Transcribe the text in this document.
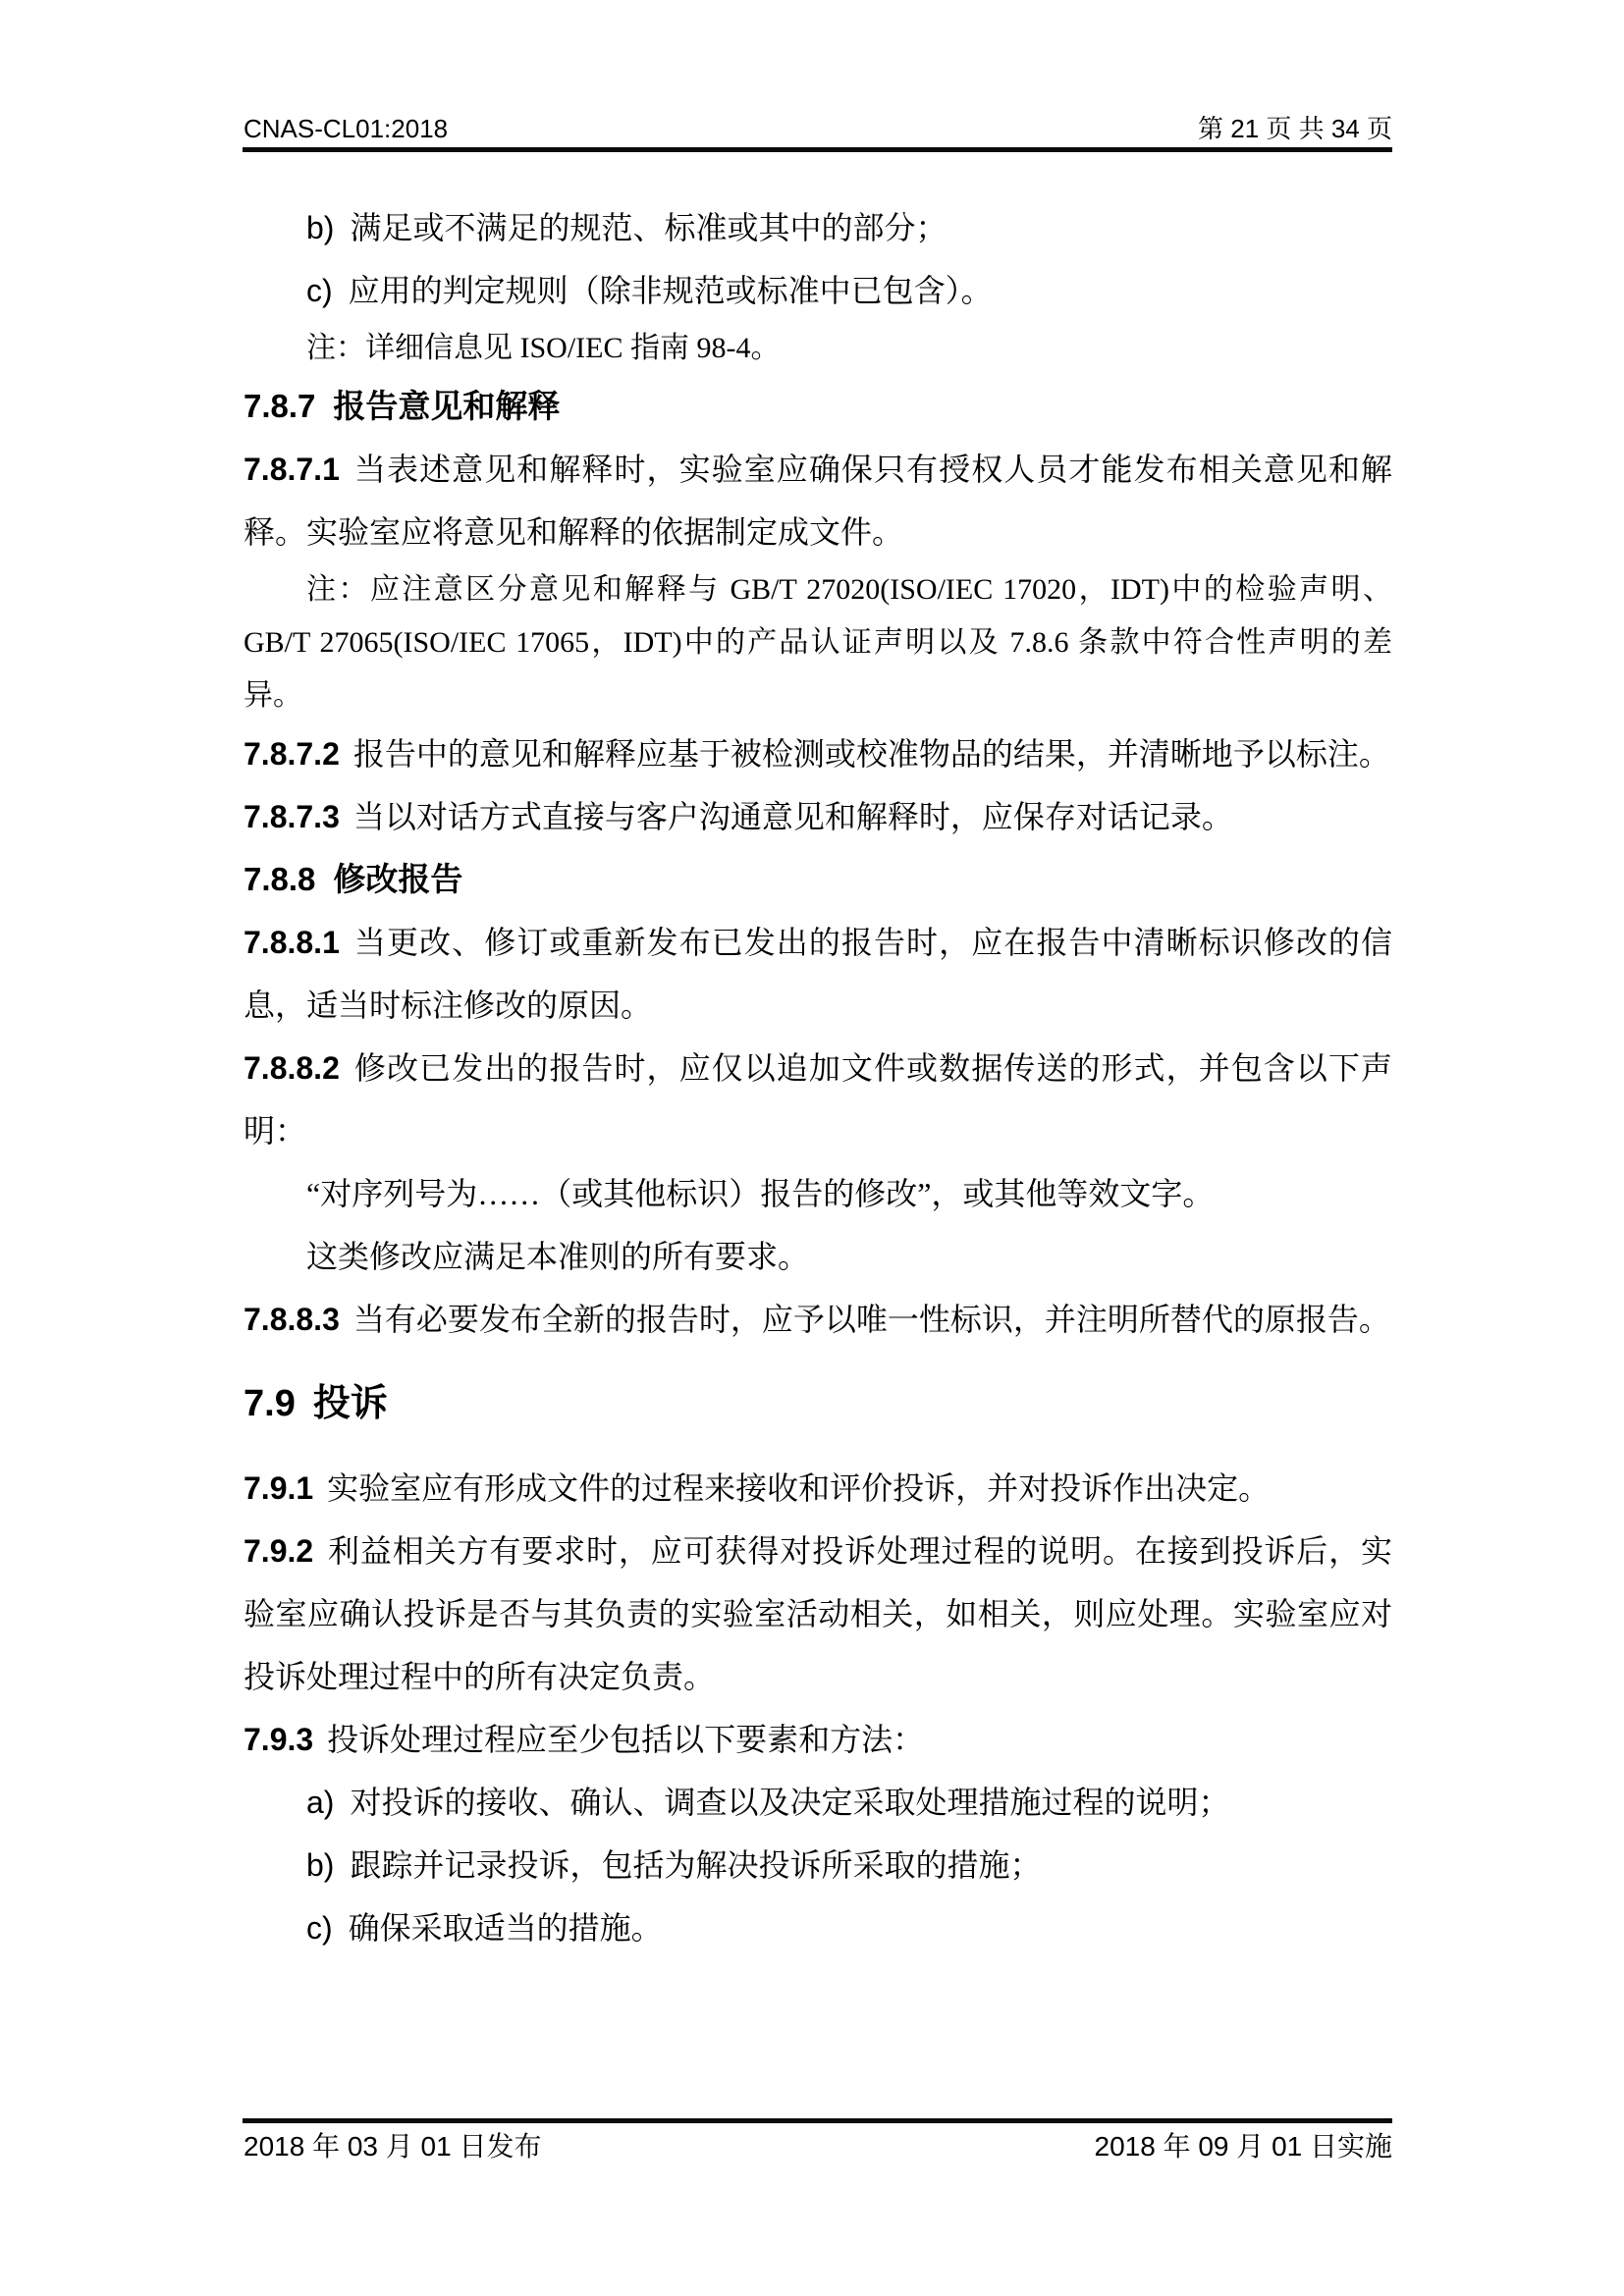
CNAS-CL01:2018	第 21 页 共 34 页

b) 满足或不满足的规范、标准或其中的部分；

c) 应用的判定规则（除非规范或标准中已包含）。

注：详细信息见 ISO/IEC 指南 98-4。

7.8.7 报告意见和解释

7.8.7.1 当表述意见和解释时，实验室应确保只有授权人员才能发布相关意见和解释。实验室应将意见和解释的依据制定成文件。

注：应注意区分意见和解释与 GB/T 27020(ISO/IEC 17020，IDT)中的检验声明、GB/T 27065(ISO/IEC 17065，IDT)中的产品认证声明以及 7.8.6 条款中符合性声明的差异。

7.8.7.2 报告中的意见和解释应基于被检测或校准物品的结果，并清晰地予以标注。

7.8.7.3 当以对话方式直接与客户沟通意见和解释时，应保存对话记录。

7.8.8 修改报告

7.8.8.1 当更改、修订或重新发布已发出的报告时，应在报告中清晰标识修改的信息，适当时标注修改的原因。

7.8.8.2 修改已发出的报告时，应仅以追加文件或数据传送的形式，并包含以下声明：

“对序列号为……（或其他标识）报告的修改”，或其他等效文字。

这类修改应满足本准则的所有要求。

7.8.8.3 当有必要发布全新的报告时，应予以唯一性标识，并注明所替代的原报告。

7.9 投诉

7.9.1 实验室应有形成文件的过程来接收和评价投诉，并对投诉作出决定。

7.9.2 利益相关方有要求时，应可获得对投诉处理过程的说明。在接到投诉后，实验室应确认投诉是否与其负责的实验室活动相关，如相关，则应处理。实验室应对投诉处理过程中的所有决定负责。

7.9.3 投诉处理过程应至少包括以下要素和方法：

a) 对投诉的接收、确认、调查以及决定采取处理措施过程的说明；

b) 跟踪并记录投诉，包括为解决投诉所采取的措施；

c) 确保采取适当的措施。

2018 年 03 月 01 日发布	2018 年 09 月 01 日实施
